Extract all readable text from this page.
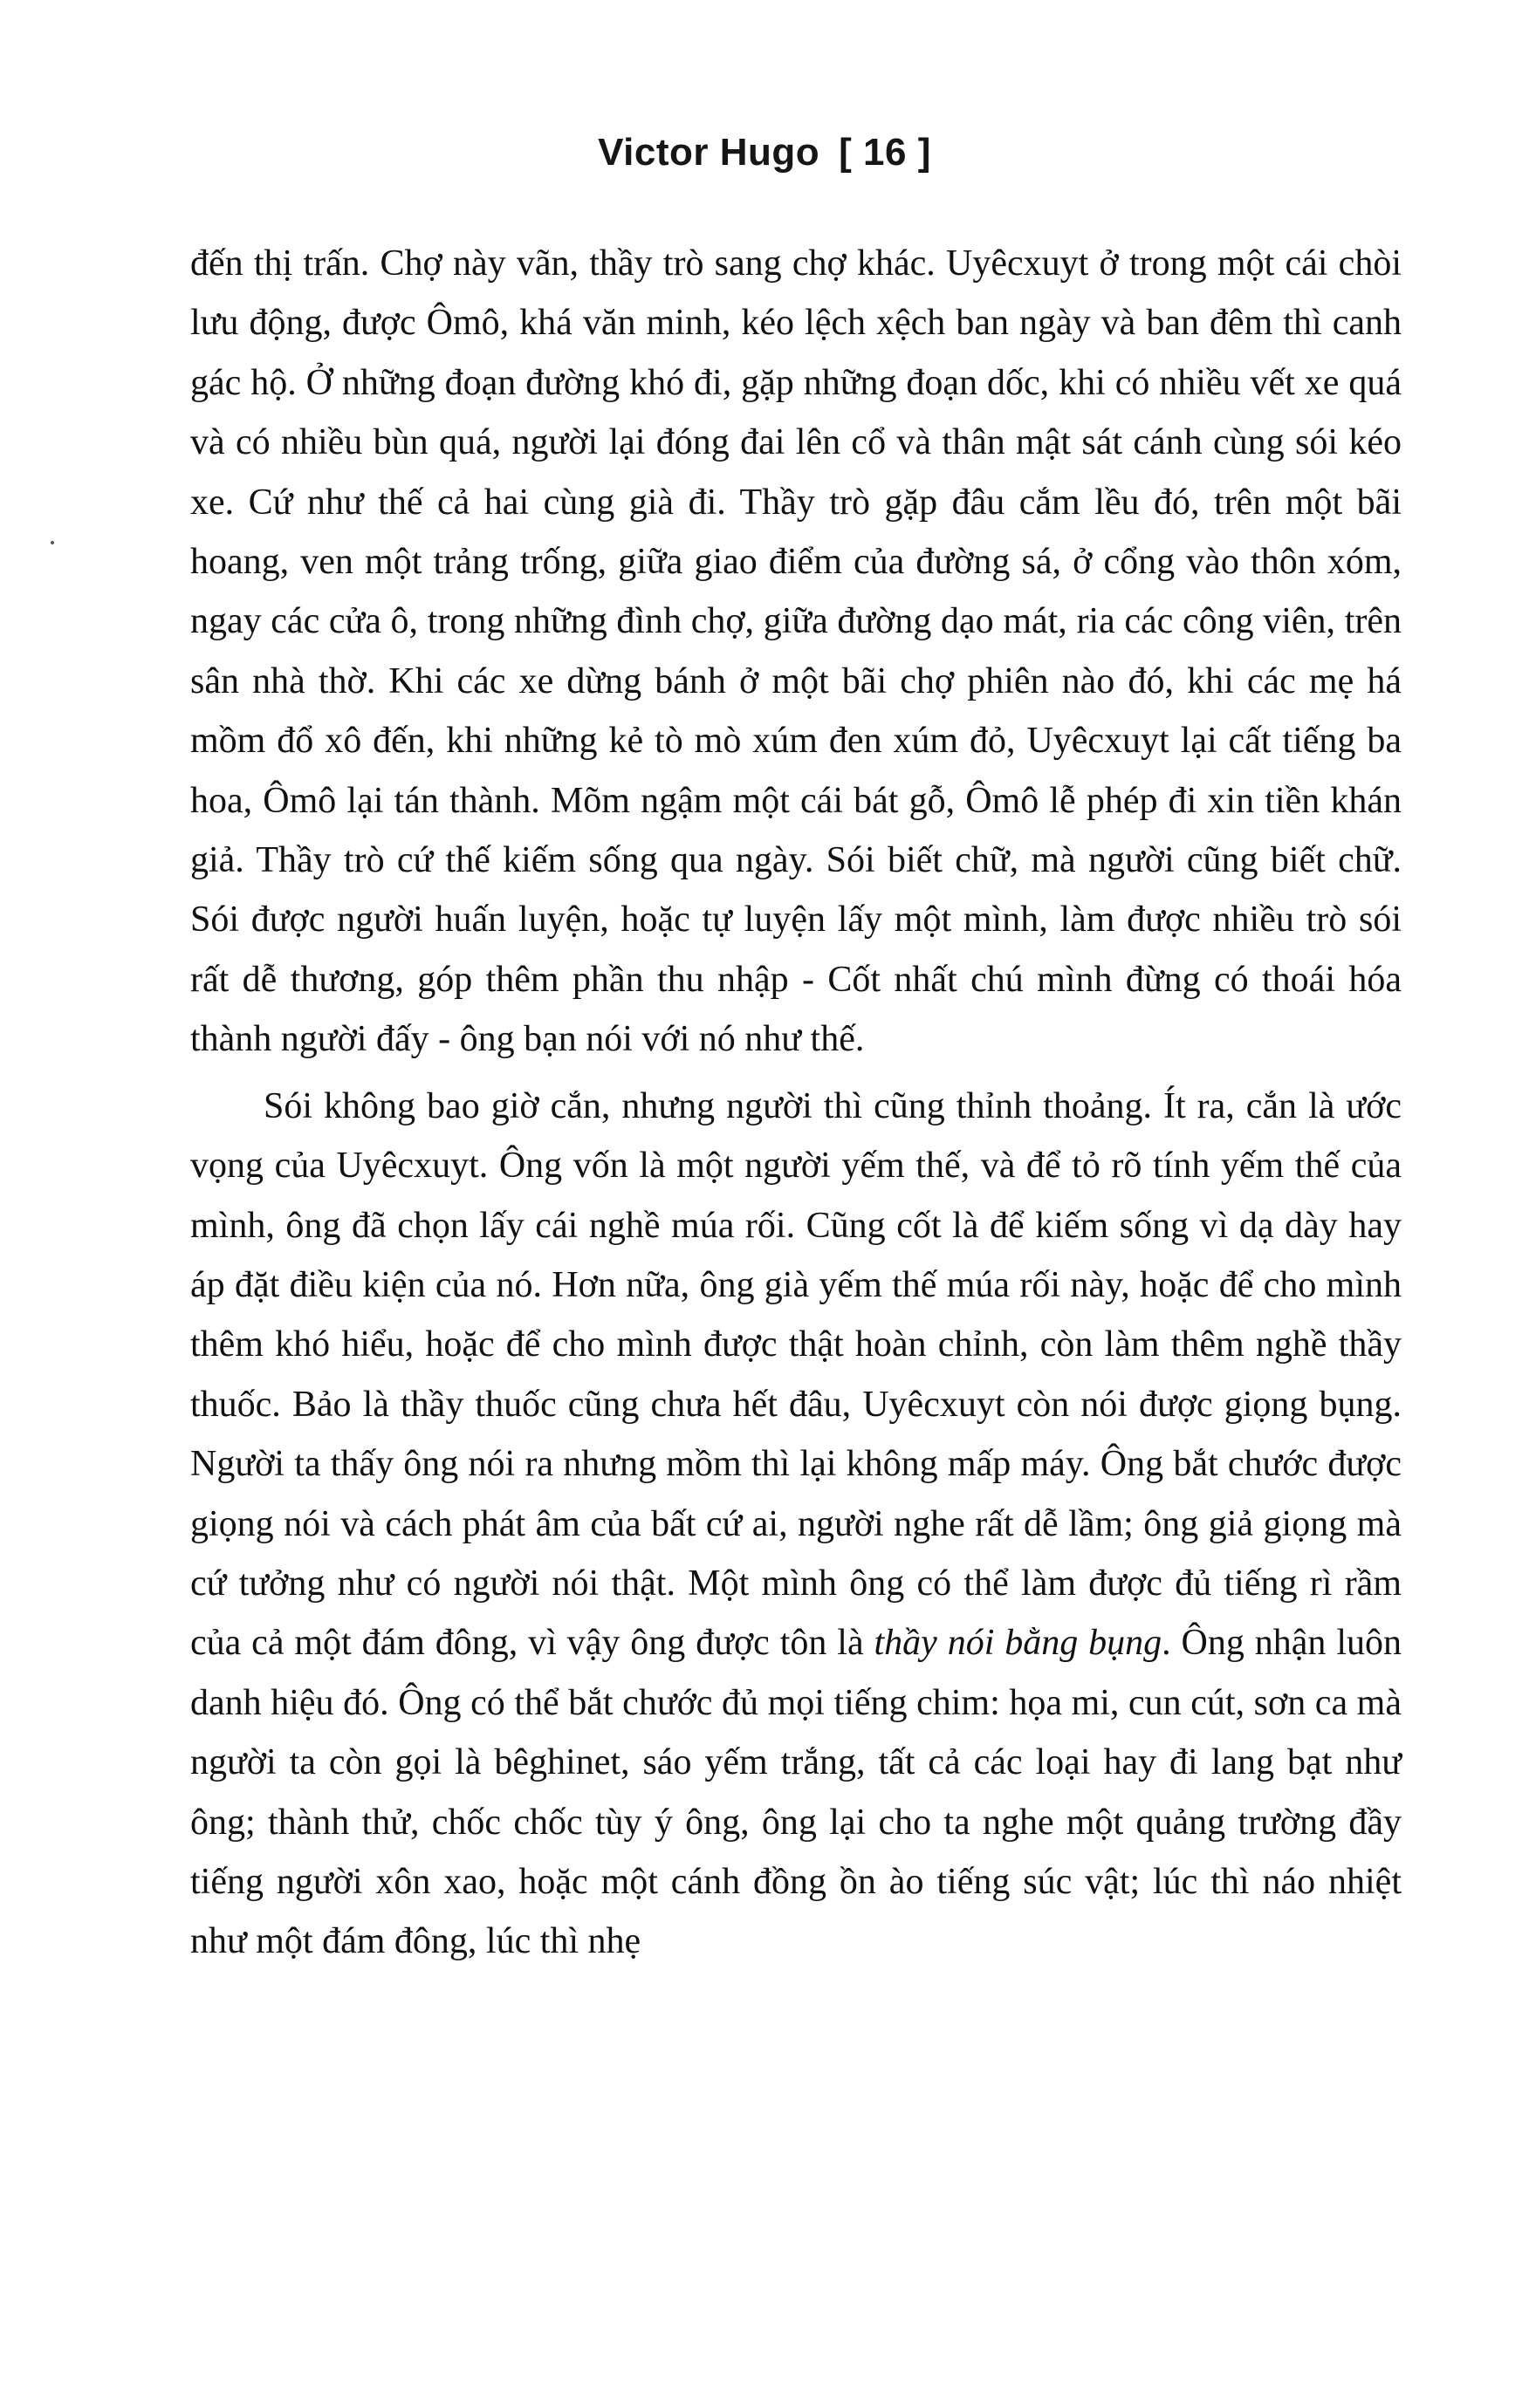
Victor Hugo [ 16 ]

đến thị trấn. Chợ này vãn, thầy trò sang chợ khác. Uyêcxuyt ở trong một cái chòi lưu động, được Ômô, khá văn minh, kéo lệch xệch ban ngày và ban đêm thì canh gác hộ. Ở những đoạn đường khó đi, gặp những đoạn dốc, khi có nhiều vết xe quá và có nhiều bùn quá, người lại đóng đai lên cổ và thân mật sát cánh cùng sói kéo xe. Cứ như thế cả hai cùng già đi. Thầy trò gặp đâu cắm lều đó, trên một bãi hoang, ven một trảng trống, giữa giao điểm của đường sá, ở cổng vào thôn xóm, ngay các cửa ô, trong những đình chợ, giữa đường dạo mát, ria các công viên, trên sân nhà thờ. Khi các xe dừng bánh ở một bãi chợ phiên nào đó, khi các mẹ há mồm đổ xô đến, khi những kẻ tò mò xúm đen xúm đỏ, Uyêcxuyt lại cất tiếng ba hoa, Ômô lại tán thành. Mõm ngậm một cái bát gỗ, Ômô lễ phép đi xin tiền khán giả. Thầy trò cứ thế kiếm sống qua ngày. Sói biết chữ, mà người cũng biết chữ. Sói được người huấn luyện, hoặc tự luyện lấy một mình, làm được nhiều trò sói rất dễ thương, góp thêm phần thu nhập - Cốt nhất chú mình đừng có thoái hóa thành người đấy - ông bạn nói với nó như thế.

Sói không bao giờ cắn, nhưng người thì cũng thỉnh thoảng. Ít ra, cắn là ước vọng của Uyêcxuyt. Ông vốn là một người yếm thế, và để tỏ rõ tính yếm thế của mình, ông đã chọn lấy cái nghề múa rối. Cũng cốt là để kiếm sống vì dạ dày hay áp đặt điều kiện của nó. Hơn nữa, ông già yếm thế múa rối này, hoặc để cho mình thêm khó hiểu, hoặc để cho mình được thật hoàn chỉnh, còn làm thêm nghề thầy thuốc. Bảo là thầy thuốc cũng chưa hết đâu, Uyêcxuyt còn nói được giọng bụng. Người ta thấy ông nói ra nhưng mồm thì lại không mấp máy. Ông bắt chước được giọng nói và cách phát âm của bất cứ ai, người nghe rất dễ lầm; ông giả giọng mà cứ tưởng như có người nói thật. Một mình ông có thể làm được đủ tiếng rì rầm của cả một đám đông, vì vậy ông được tôn là thầy nói bằng bụng. Ông nhận luôn danh hiệu đó. Ông có thể bắt chước đủ mọi tiếng chim: họa mi, cun cút, sơn ca mà người ta còn gọi là bêghinet, sáo yếm trắng, tất cả các loại hay đi lang bạt như ông; thành thử, chốc chốc tùy ý ông, ông lại cho ta nghe một quảng trường đầy tiếng người xôn xao, hoặc một cánh đồng ồn ào tiếng súc vật; lúc thì náo nhiệt như một đám đông, lúc thì nhẹ
